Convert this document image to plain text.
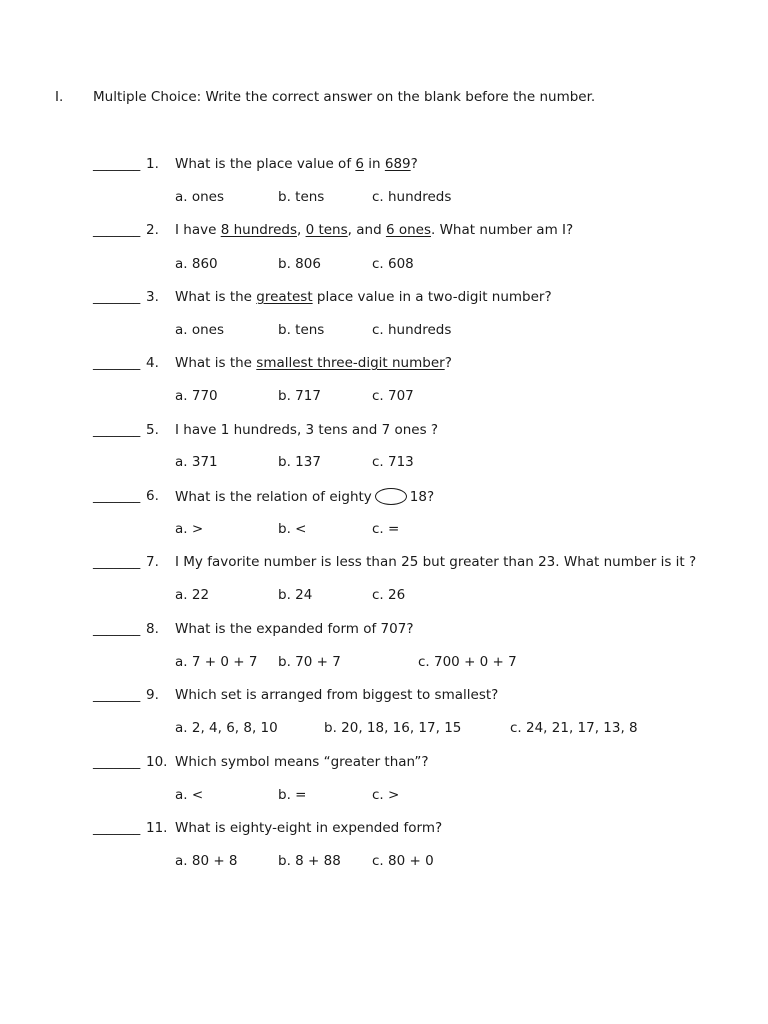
I. Multiple Choice: Write the correct answer on the blank before the number.
_______ 1. What is the place value of 6 in 689?
a. ones	b. tens	c. hundreds
_______ 2. I have 8 hundreds, 0 tens, and 6 ones. What number am I?
a. 860	b. 806	c. 608
_______ 3. What is the greatest place value in a two-digit number?
a. ones	b. tens	c. hundreds
_______ 4. What is the smallest three-digit number?
a. 770	b. 717	c. 707
_______ 5. I have 1 hundreds, 3 tens and 7 ones ?
a. 371	b. 137	c. 713
_______ 6. What is the relation of eighty	18?
a. >	b. <	c. =
_______ 7. I My favorite number is less than 25 but greater than 23. What number is it ?
a. 22	b. 24	c. 26
_______ 8. What is the expanded form of 707?
a. 7 + 0 + 7 b. 70 + 7	c. 700 + 0 + 7
_______ 9. Which set is arranged from biggest to smallest?
a. 2, 4, 6, 8, 10	b. 20, 18, 16, 17, 15	c. 24, 21, 17, 13, 8
_______ 10. Which symbol means “greater than”?
a. <	b. =	c. >
_______ 11. What is eighty-eight in expended form?
a. 80 + 8	b. 8 + 88 c. 80 + 0
